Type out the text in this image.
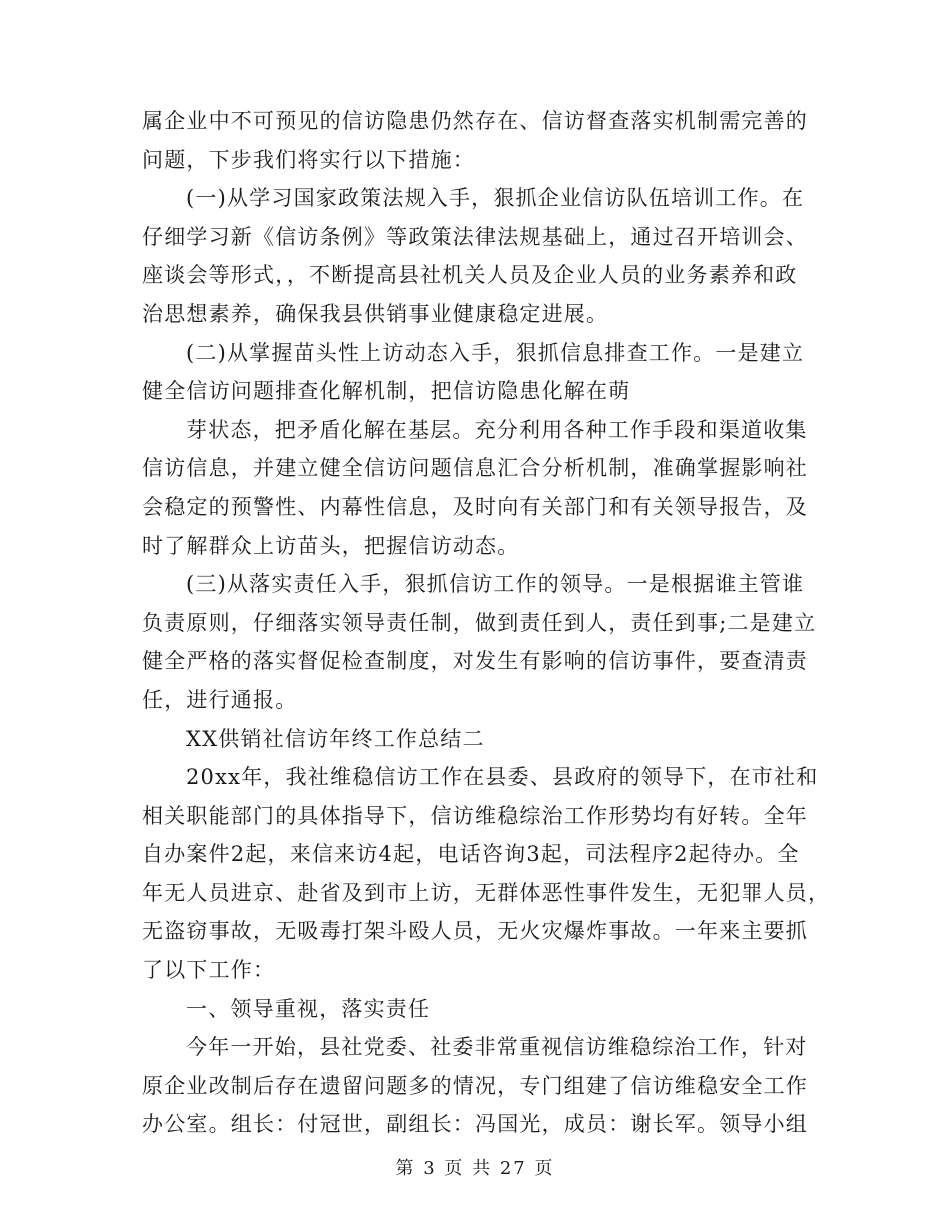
属企业中不可预见的信访隐患仍然存在、信访督查落实机制需完善的
问题，下步我们将实行以下措施：
(一)从学习国家政策法规入手，狠抓企业信访队伍培训工作。在
仔细学习新《信访条例》等政策法律法规基础上，通过召开培训会、
座谈会等形式，，不断提高县社机关人员及企业人员的业务素养和政
治思想素养，确保我县供销事业健康稳定进展。
(二)从掌握苗头性上访动态入手，狠抓信息排查工作。一是建立
健全信访问题排查化解机制，把信访隐患化解在萌
芽状态，把矛盾化解在基层。充分利用各种工作手段和渠道收集
信访信息，并建立健全信访问题信息汇合分析机制，准确掌握影响社
会稳定的预警性、内幕性信息，及时向有关部门和有关领导报告，及
时了解群众上访苗头，把握信访动态。
(三)从落实责任入手，狠抓信访工作的领导。一是根据谁主管谁
负责原则，仔细落实领导责任制，做到责任到人，责任到事;二是建立
健全严格的落实督促检查制度，对发生有影响的信访事件，要查清责
任，进行通报。
XX供销社信访年终工作总结二
20xx年，我社维稳信访工作在县委、县政府的领导下，在市社和
相关职能部门的具体指导下，信访维稳综治工作形势均有好转。全年
自办案件2起，来信来访4起，电话咨询3起，司法程序2起待办。全
年无人员进京、赴省及到市上访，无群体恶性事件发生，无犯罪人员，
无盗窃事故，无吸毒打架斗殴人员，无火灾爆炸事故。一年来主要抓
了以下工作：
一、领导重视，落实责任
今年一开始，县社党委、社委非常重视信访维稳综治工作，针对
原企业改制后存在遗留问题多的情况，专门组建了信访维稳安全工作
办公室。组长：付冠世，副组长：冯国光，成员：谢长军。领导小组
第 3 页 共 27 页
